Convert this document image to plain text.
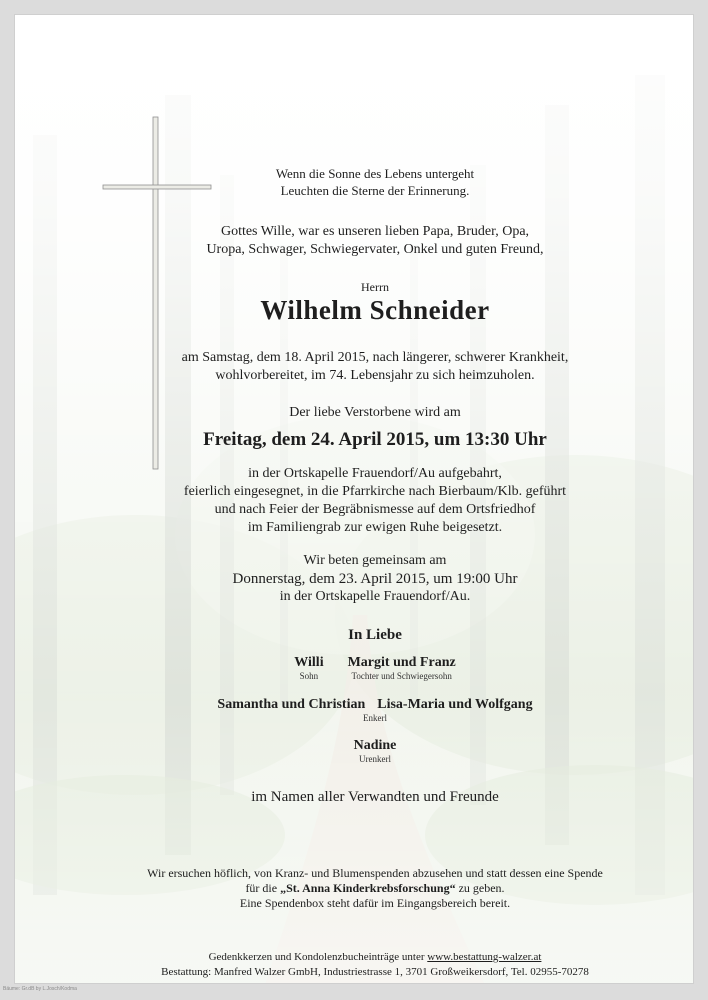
Wenn die Sonne des Lebens untergeht
Leuchten die Sterne der Erinnerung.
Gottes Wille, war es unseren lieben Papa, Bruder, Opa,
Uropa, Schwager, Schwiegervater, Onkel und guten Freund,
Herrn
Wilhelm Schneider
am Samstag, dem 18. April 2015, nach längerer, schwerer Krankheit,
wohlvorbereitet, im 74. Lebensjahr zu sich heimzuholen.
Der liebe Verstorbene wird am
Freitag, dem 24. April 2015, um 13:30 Uhr
in der Ortskapelle Frauendorf/Au aufgebahrt,
feierlich eingesegnet, in die Pfarrkirche nach Bierbaum/Klb. geführt
und nach Feier der Begräbnismesse auf dem Ortsfriedhof
im Familiengrab zur ewigen Ruhe beigesetzt.
Wir beten gemeinsam am
Donnerstag, dem 23. April 2015, um 19:00 Uhr
in der Ortskapelle Frauendorf/Au.
In Liebe
Willi
Sohn
Margit und Franz
Tochter und Schwiegersohn
Samantha und Christian Lisa-Maria und Wolfgang
Enkerl
Nadine
Urenkerl
im Namen aller Verwandten und Freunde
Wir ersuchen höflich, von Kranz- und Blumenspenden abzusehen und statt dessen eine Spende
für die „St. Anna Kinderkrebsforschung“ zu geben.
Eine Spendenbox steht dafür im Eingangsbereich bereit.
Gedenkkerzen und Kondolenzbucheinträge unter www.bestattung-walzer.at
Bestattung: Manfred Walzer GmbH, Industriestrasse 1, 3701 Großweikersdorf, Tel. 02955-70278
Bäume: Gr.dB by L.Josch/Kodma
